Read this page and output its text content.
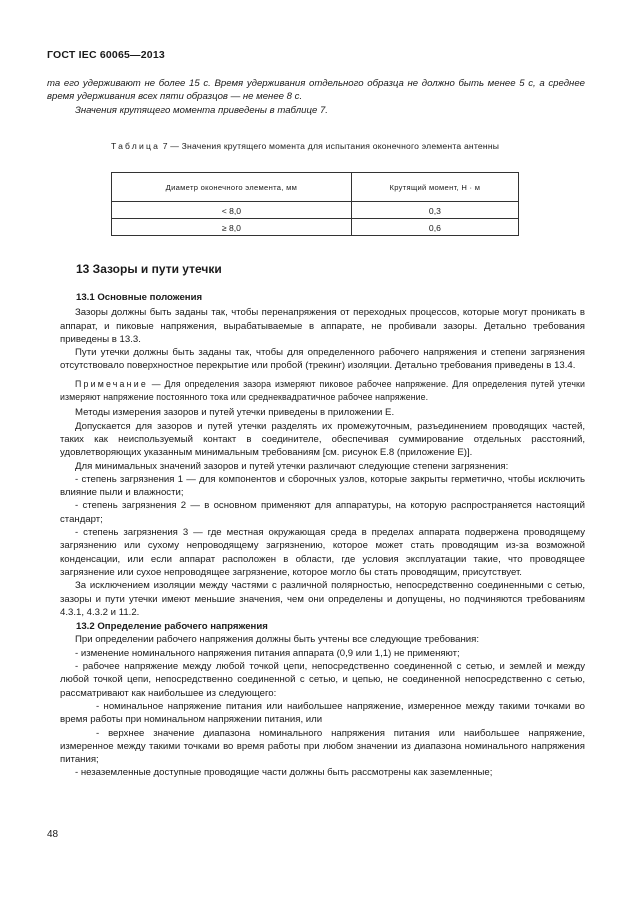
ГОСТ IEC 60065—2013

та его удерживают не более 15 с. Время удерживания отдельного образца не должно быть менее 5 с, а среднее время удерживания всех пяти образцов — не менее 8 с.

Значения крутящего момента приведены в таблице 7.

Таблица 7 — Значения крутящего момента для испытания оконечного элемента антенны
Диаметр оконечного элемента, мм	Крутящий момент, Н · м
< 8,0	0,3
≥ 8,0	0,6
13 Зазоры и пути утечки

13.1 Основные положения

Зазоры должны быть заданы так, чтобы перенапряжения от переходных процессов, которые могут проникать в аппарат, и пиковые напряжения, вырабатываемые в аппарате, не пробивали зазоры. Детально требования приведены в 13.3.

Пути утечки должны быть заданы так, чтобы для определенного рабочего напряжения и степени загрязнения отсутствовало поверхностное перекрытие или пробой (трекинг) изоляции. Детально требования приведены в 13.4.

Примечание — Для определения зазора измеряют пиковое рабочее напряжение. Для определения путей утечки измеряют напряжение постоянного тока или среднеквадратичное рабочее напряжение.

Методы измерения зазоров и путей утечки приведены в приложении Е.

Допускается для зазоров и путей утечки разделять их промежуточным, разъединением проводящих частей, таких как неиспользуемый контакт в соединителе, обеспечивая суммирование отдельных расстояний, удовлетворяющих указанным минимальным требованиям [см. рисунок Е.8 (приложение Е)].

Для минимальных значений зазоров и путей утечки различают следующие степени загрязнения:

- степень загрязнения 1 — для компонентов и сборочных узлов, которые закрыты герметично, чтобы исключить влияние пыли и влажности;

- степень загрязнения 2 — в основном применяют для аппаратуры, на которую распространяется настоящий стандарт;

- степень загрязнения 3 — где местная окружающая среда в пределах аппарата подвержена проводящему загрязнению или сухому непроводящему загрязнению, которое может стать проводящим из-за возможной конденсации, или если аппарат расположен в области, где условия эксплуатации такие, что проводящее загрязнение или сухое непроводящее загрязнение, которое могло бы стать проводящим, присутствует.

За исключением изоляции между частями с различной полярностью, непосредственно соединенными с сетью, зазоры и пути утечки имеют меньшие значения, чем они определены и допущены, но подчиняются требованиям 4.3.1, 4.3.2 и 11.2.

13.2 Определение рабочего напряжения

При определении рабочего напряжения должны быть учтены все следующие требования:

- изменение номинального напряжения питания аппарата (0,9 или 1,1) не применяют;

- рабочее напряжение между любой точкой цепи, непосредственно соединенной с сетью, и землей и между любой точкой цепи, непосредственно соединенной с сетью, и цепью, не соединенной непосредственно с сетью, рассматривают как наибольшее из следующего:

- номинальное напряжение питания или наибольшее напряжение, измеренное между такими точками во время работы при номинальном напряжении питания, или

- верхнее значение диапазона номинального напряжения питания или наибольшее напряжение, измеренное между такими точками во время работы при любом значении из диапазона номинального напряжения питания;

- незаземленные доступные проводящие части должны быть рассмотрены как заземленные;

48
